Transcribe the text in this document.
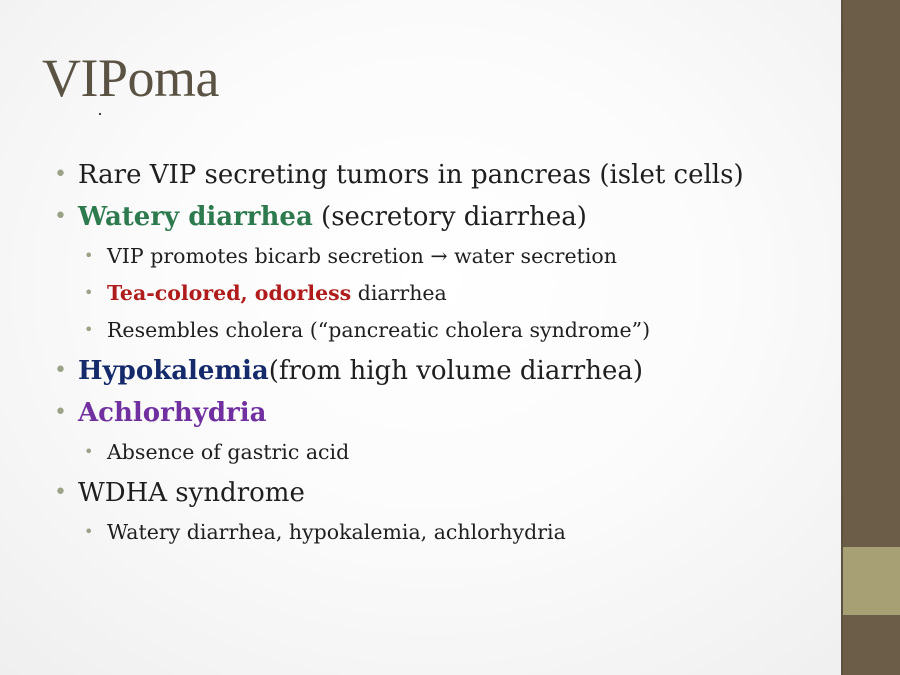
VIPoma
• Rare VIP secreting tumors in pancreas (islet cells)
• Watery diarrhea (secretory diarrhea)
• VIP promotes bicarb secretion → water secretion
• Tea-colored, odorless diarrhea
• Resembles cholera (“pancreatic cholera syndrome”)
• Hypokalemia(from high volume diarrhea)
• Achlorhydria
• Absence of gastric acid
• WDHA syndrome
• Watery diarrhea, hypokalemia, achlorhydria
